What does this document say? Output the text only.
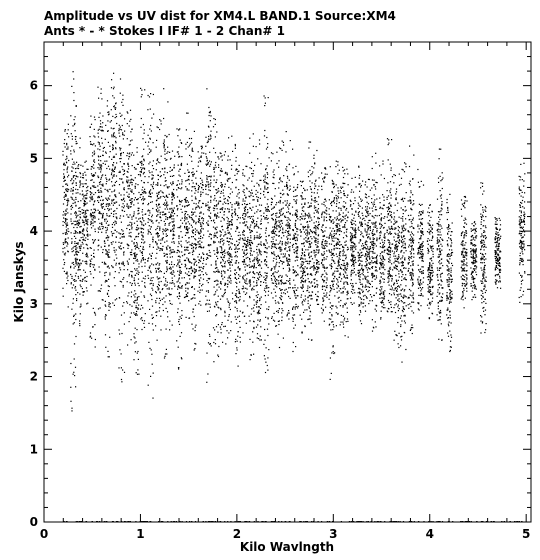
Amplitude vs UV dist for XM4.L BAND.1 Source:XM4
Ants * - * Stokes I IF# 1 - 2 Chan# 1
0	1	2	3	4	5
0
1
2
3
4
5
6
Kilo Wavlngth
Kilo Janskys
